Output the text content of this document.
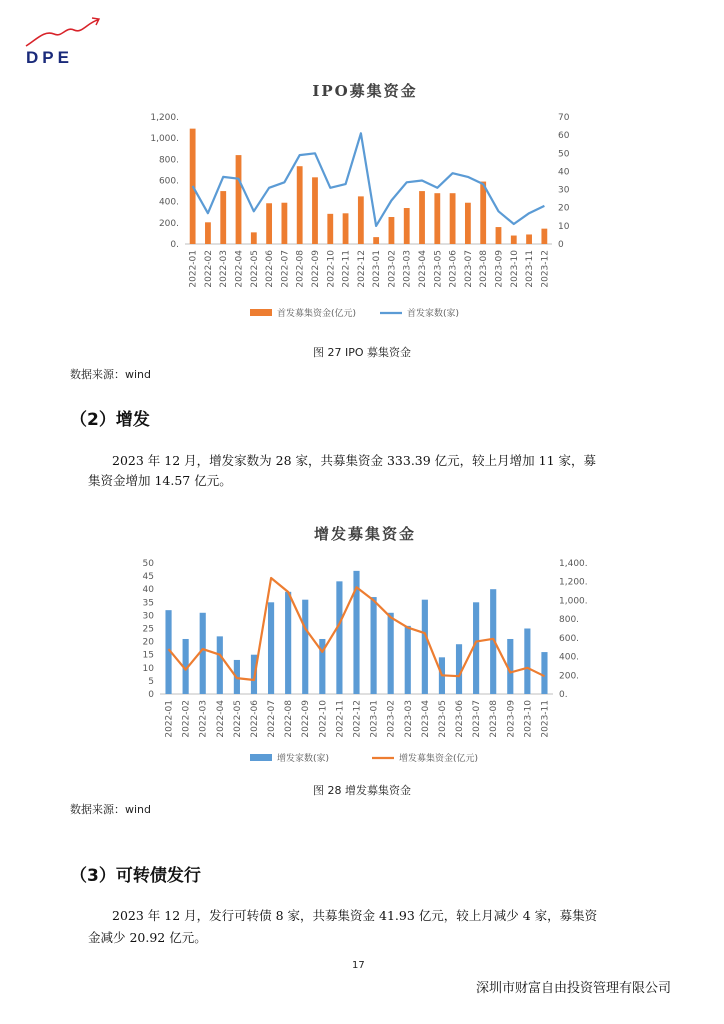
DPE
IPO募集资金
0.
200.
400.
600.
800.
1,000.
1,200.
0
10
20
30
40
50
60
70
2022-01 2022-02 2022-03 2022-04 2022-05 2022-06 2022-07 2022-08 2022-09 2022-10 2022-11 2022-12 2023-01 2023-02 2023-03 2023-04 2023-05 2023-06 2023-07 2023-08 2023-09 2023-10 2023-11 2023-12
首发募集资金(亿元)	首发家数(家)
图 27 IPO 募集资金
数据来源：wind
（2）增发
2023 年 12 月，增发家数为 28 家，共募集资金 333.39 亿元，较上月增加 11 家，募
集资金增加 14.57 亿元。
增发募集资金
0
5
10
15
20
25
30
35
40
45
50
0.
200.
400.
600.
800.
1,000.
1,200.
1,400.
2022-01 2022-02 2022-03 2022-04 2022-05 2022-06 2022-07 2022-08 2022-09 2022-10 2022-11 2022-12 2023-01 2023-02 2023-03 2023-04 2023-05 2023-06 2023-07 2023-08 2023-09 2023-10 2023-11
增发家数(家)	增发募集资金(亿元)
图 28 增发募集资金
数据来源：wind
（3）可转债发行
2023 年 12 月，发行可转债 8 家，共募集资金 41.93 亿元，较上月减少 4 家，募集资
金减少 20.92 亿元。
17
深圳市财富自由投资管理有限公司
